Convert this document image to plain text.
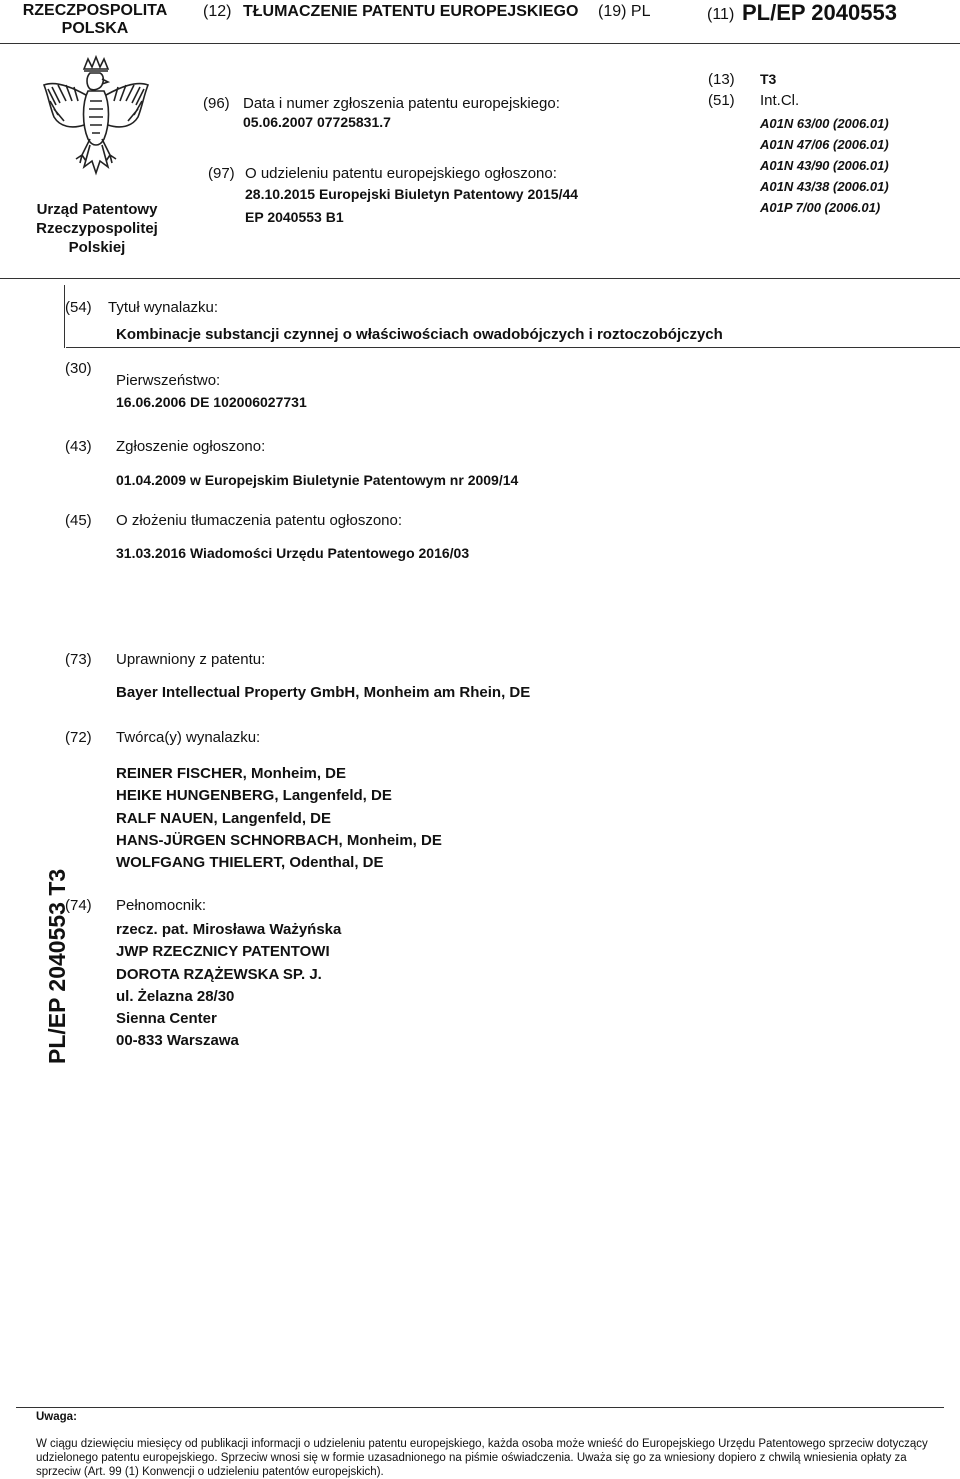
RZECZPOSPOLITA
POLSKA
(12) TŁUMACZENIE PATENTU EUROPEJSKIEGO (19) PL	(11) PL/EP 2040553
Urząd Patentowy
Rzeczypospolitej
Polskiej
(96) Data i numer zgłoszenia patentu europejskiego:
05.06.2007 07725831.7
(97) O udzieleniu patentu europejskiego ogłoszono:
28.10.2015 Europejski Biuletyn Patentowy 2015/44
EP 2040553 B1
(13) T3
(51) Int.Cl.
A01N 63/00 (2006.01)
A01N 47/06 (2006.01)
A01N 43/90 (2006.01)
A01N 43/38 (2006.01)
A01P 7/00 (2006.01)
(54) Tytuł wynalazku:
Kombinacje substancji czynnej o właściwościach owadobójczych i roztoczobójczych
(30)
Pierwszeństwo:
16.06.2006 DE 102006027731
(43) Zgłoszenie ogłoszono:
01.04.2009 w Europejskim Biuletynie Patentowym nr 2009/14
(45) O złożeniu tłumaczenia patentu ogłoszono:
31.03.2016 Wiadomości Urzędu Patentowego 2016/03
(73) Uprawniony z patentu:
Bayer Intellectual Property GmbH, Monheim am Rhein, DE
(72) Twórca(y) wynalazku:
REINER FISCHER, Monheim, DE
HEIKE HUNGENBERG, Langenfeld, DE
RALF NAUEN, Langenfeld, DE
HANS-JÜRGEN SCHNORBACH, Monheim, DE
WOLFGANG THIELERT, Odenthal, DE
(74) Pełnomocnik:
rzecz. pat. Mirosława Ważyńska
JWP RZECZNICY PATENTOWI
DOROTA RZĄŻEWSKA SP. J.
ul. Żelazna 28/30
Sienna Center
00-833 Warszawa
PL/EP 2040553 T3
Uwaga:
W ciągu dziewięciu miesięcy od publikacji informacji o udzieleniu patentu europejskiego, każda osoba może wnieść do Europejskiego Urzędu Patentowego sprzeciw dotyczący udzielonego patentu europejskiego. Sprzeciw wnosi się w formie uzasadnionego na piśmie oświadczenia. Uważa się go za wniesiony dopiero z chwilą wniesienia opłaty za sprzeciw (Art. 99 (1) Konwencji o udzieleniu patentów europejskich).
